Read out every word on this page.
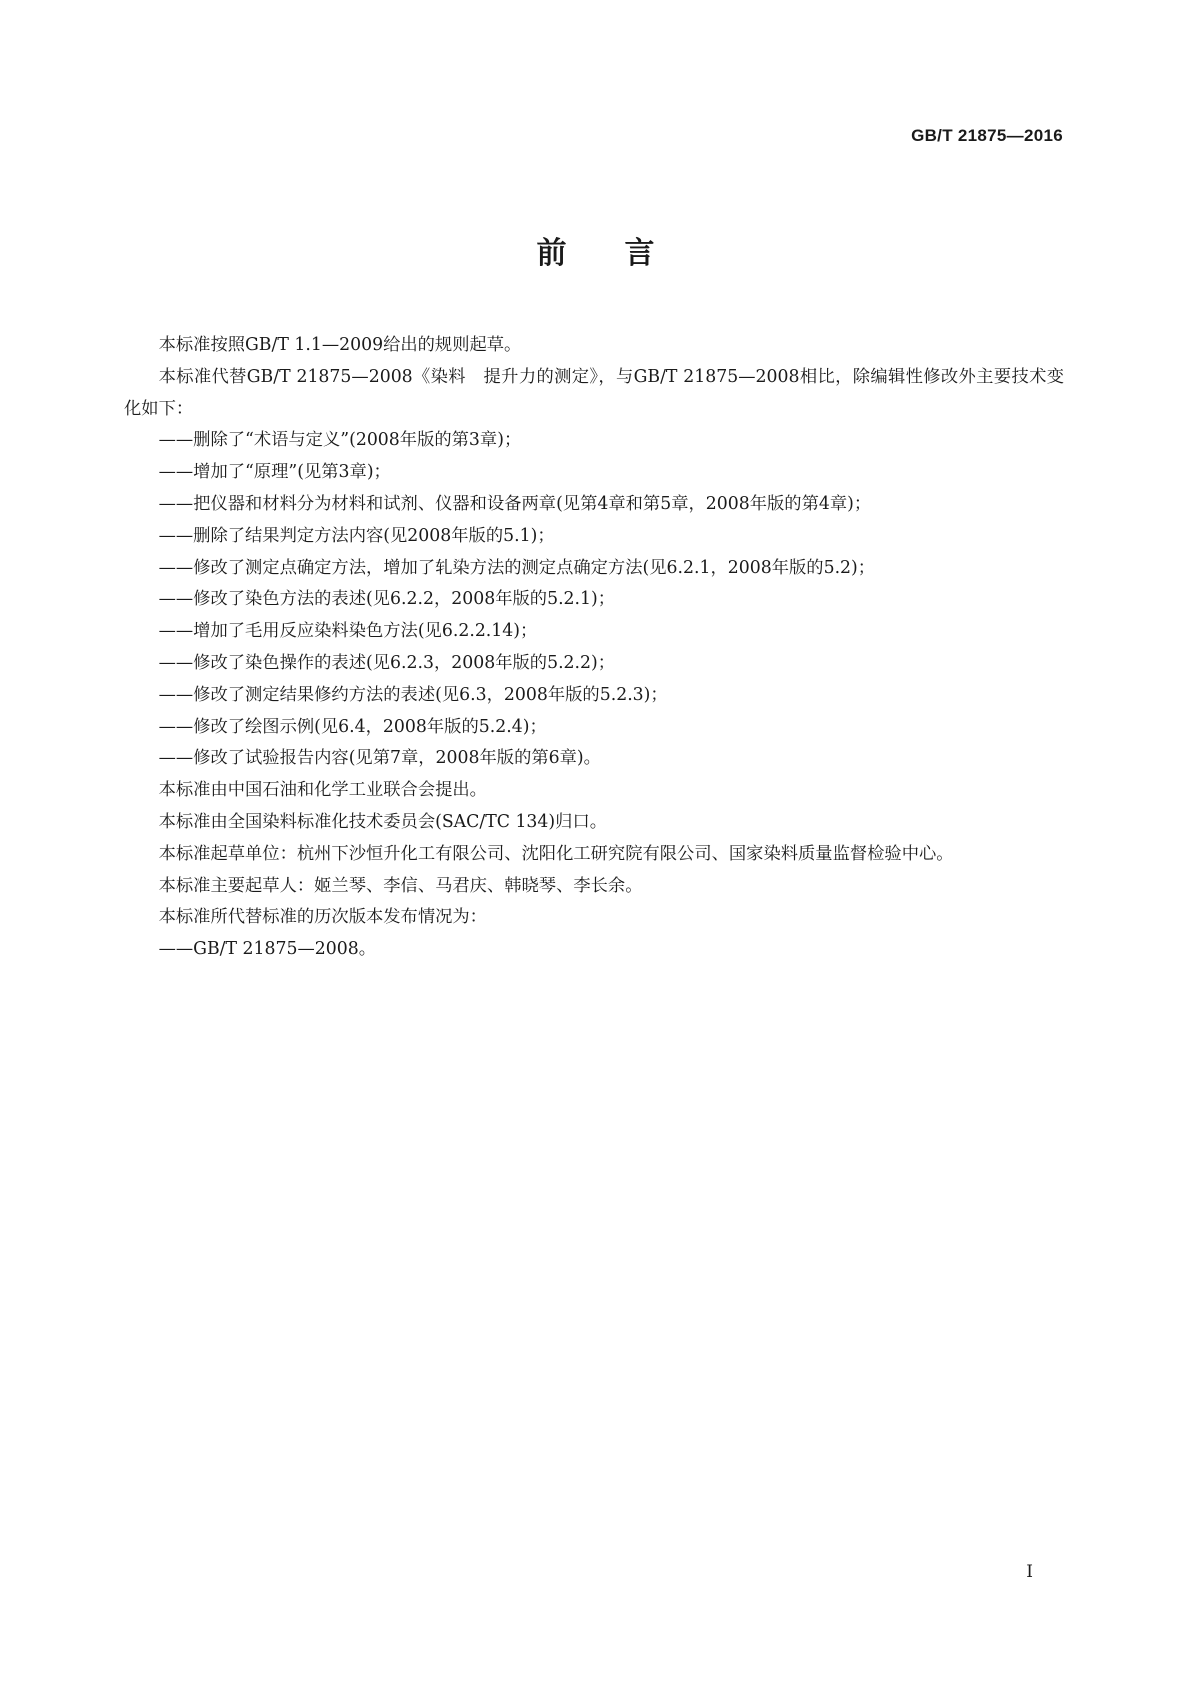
GB/T 21875—2016
前言

本标准按照GB/T 1.1—2009给出的规则起草。

本标准代替GB/T 21875—2008《染料　提升力的测定》，与GB/T 21875—2008相比，除编辑性修改外主要技术变化如下：

——删除了“术语与定义”(2008年版的第3章)；

——增加了“原理”(见第3章)；

——把仪器和材料分为材料和试剂、仪器和设备两章(见第4章和第5章，2008年版的第4章)；

——删除了结果判定方法内容(见2008年版的5.1)；

——修改了测定点确定方法，增加了轧染方法的测定点确定方法(见6.2.1，2008年版的5.2)；

——修改了染色方法的表述(见6.2.2，2008年版的5.2.1)；

——增加了毛用反应染料染色方法(见6.2.2.14)；

——修改了染色操作的表述(见6.2.3，2008年版的5.2.2)；

——修改了测定结果修约方法的表述(见6.3，2008年版的5.2.3)；

——修改了绘图示例(见6.4，2008年版的5.2.4)；

——修改了试验报告内容(见第7章，2008年版的第6章)。

本标准由中国石油和化学工业联合会提出。

本标准由全国染料标准化技术委员会(SAC/TC 134)归口。

本标准起草单位：杭州下沙恒升化工有限公司、沈阳化工研究院有限公司、国家染料质量监督检验中心。

本标准主要起草人：姬兰琴、李信、马君庆、韩晓琴、李长余。

本标准所代替标准的历次版本发布情况为：

——GB/T 21875—2008。

I
